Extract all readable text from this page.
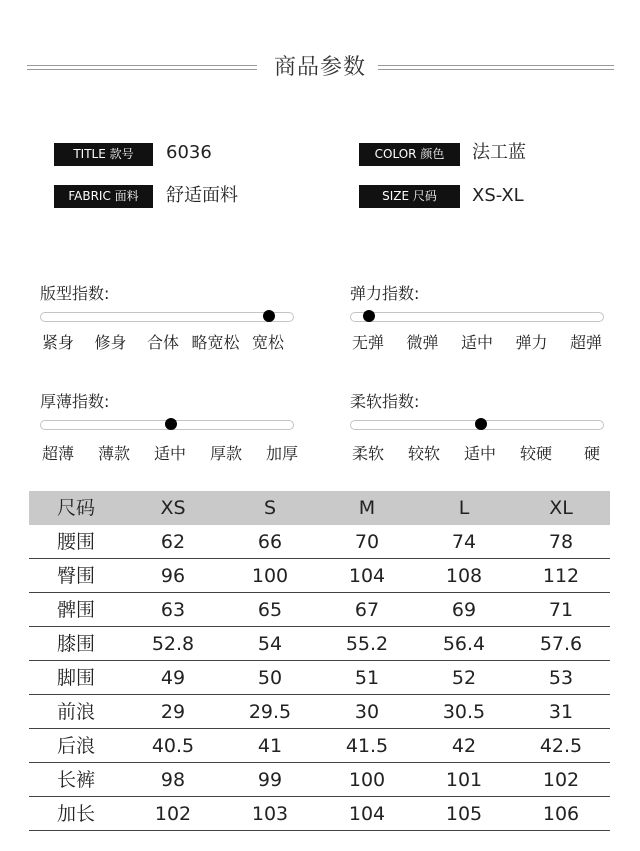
商品参数
TITLE 款号	6036	COLOR 颜色	法工蓝
FABRIC 面料	舒适面料	SIZE 尺码	XS-XL
版型指数:
紧身	修身	合体 略宽松 宽松
弹力指数:
无弹	微弹	适中	弹力	超弹
厚薄指数:
超薄	薄款	适中	厚款	加厚
柔软指数:
柔软	较软	适中	较硬	硬
尺码	XS	S	M	L	XL
腰围	62	66	70	74	78
臀围	96	100	104	108	112
髀围	63	65	67	69	71
膝围	52.8	54	55.2	56.4	57.6
脚围	49	50	51	52	53
前浪	29	29.5	30	30.5	31
后浪	40.5	41	41.5	42	42.5
长裤	98	99	100	101	102
加长	102	103	104	105	106
